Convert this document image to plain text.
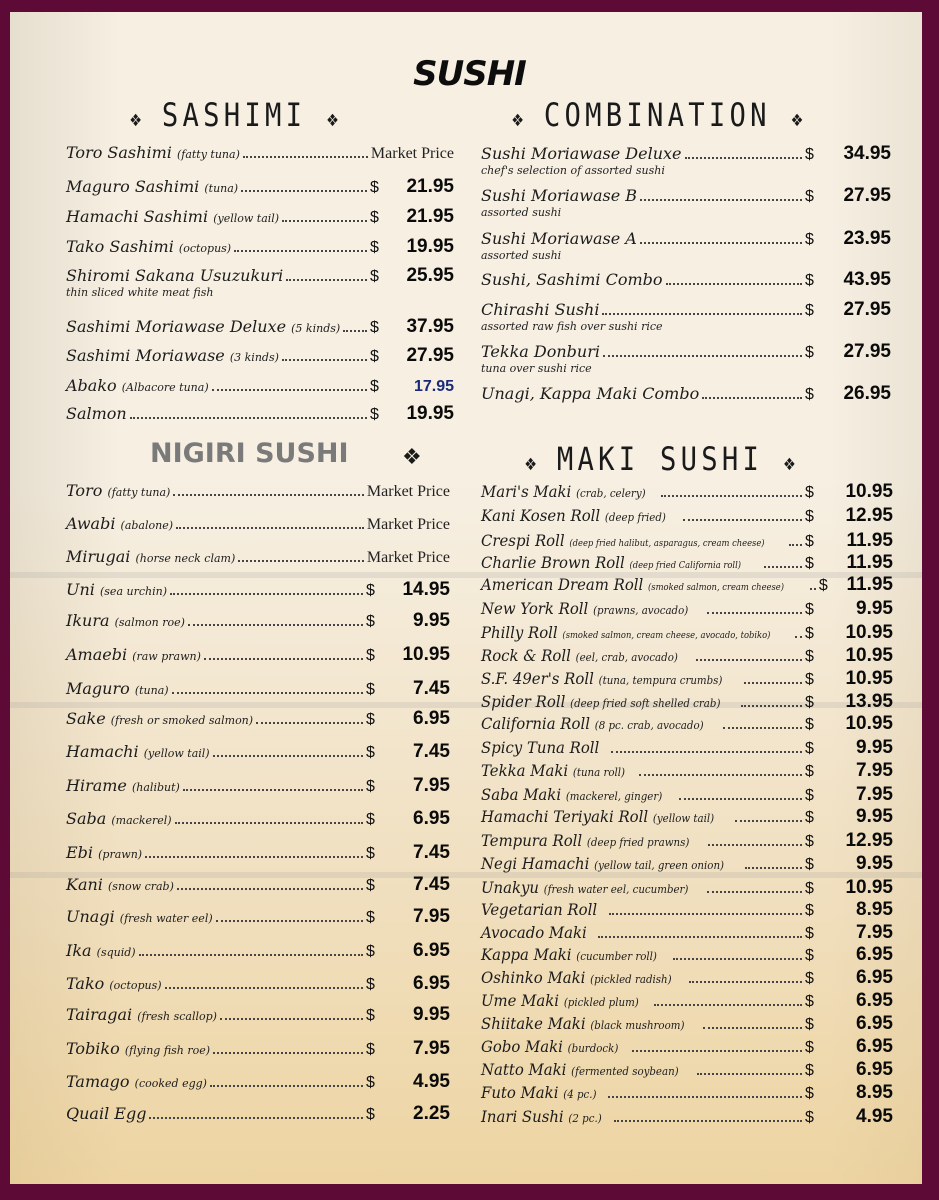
SUSHI
❖ SASHIMI ❖	❖ COMBINATION ❖
NIGIRI SUSHI ❖	❖ MAKI SUSHI ❖
Toro Sashimi (fatty tuna)	Market Price
Maguro Sashimi (tuna)	$	21.95
Hamachi Sashimi (yellow tail)	$	21.95
Tako Sashimi (octopus)	$	19.95
Shiromi Sakana Usuzukuri	$	25.95
thin sliced white meat fish
Sashimi Moriawase Deluxe (5 kinds) $	37.95
Sashimi Moriawase (3 kinds)	$	27.95
Abako (Albacore tuna)	$	17.95
Salmon	$	19.95
Toro (fatty tuna)	Market Price
Awabi (abalone)	Market Price
Mirugai (horse neck clam)	Market Price
Uni (sea urchin)	$	14.95
Ikura (salmon roe)	$	9.95
Amaebi (raw prawn)	$	10.95
Maguro (tuna)	$	7.45
Sake (fresh or smoked salmon)	$	6.95
Hamachi (yellow tail)	$	7.45
Hirame (halibut)	$	7.95
Saba (mackerel)	$	6.95
Ebi (prawn)	$	7.45
Kani (snow crab)	$	7.45
Unagi (fresh water eel)	$	7.95
Ika (squid)	$	6.95
Tako (octopus)	$	6.95
Tairagai (fresh scallop)	$	9.95
Tobiko (flying fish roe)	$	7.95
Tamago (cooked egg)	$	4.95
Quail Egg	$	2.25
Sushi Moriawase Deluxe	$	34.95
chef's selection of assorted sushi
Sushi Moriawase B	$	27.95
assorted sushi
Sushi Moriawase A	$	23.95
assorted sushi
Sushi, Sashimi Combo	$	43.95
Chirashi Sushi	$	27.95
assorted raw fish over sushi rice
Tekka Donburi	$	27.95
tuna over sushi rice
Unagi, Kappa Maki Combo	$	26.95
Mari's Maki (crab, celery)	$	10.95
Kani Kosen Roll (deep fried)	$	12.95
Crespi Roll (deep fried halibut, asparagus, cream cheese)	$	11.95
Charlie Brown Roll (deep fried California roll)	$	11.95
American Dream Roll (smoked salmon, cream cheese) $ 11.95
New York Roll (prawns, avocado)	$	9.95
Philly Roll (smoked salmon, cream cheese, avocado, tobiko) $	10.95
Rock & Roll (eel, crab, avocado)	$	10.95
S.F. 49er's Roll (tuna, tempura crumbs)	$	10.95
Spider Roll (deep fried soft shelled crab)	$	13.95
California Roll (8 pc. crab, avocado)	$	10.95
Spicy Tuna Roll	$	9.95
Tekka Maki (tuna roll)	$	7.95
Saba Maki (mackerel, ginger)	$	7.95
Hamachi Teriyaki Roll (yellow tail)	$	9.95
Tempura Roll (deep fried prawns)	$	12.95
Negi Hamachi (yellow tail, green onion)	$	9.95
Unakyu (fresh water eel, cucumber)	$	10.95
Vegetarian Roll	$	8.95
Avocado Maki	$	7.95
Kappa Maki (cucumber roll)	$	6.95
Oshinko Maki (pickled radish)	$	6.95
Ume Maki (pickled plum)	$	6.95
Shiitake Maki (black mushroom)	$	6.95
Gobo Maki (burdock)	$	6.95
Natto Maki (fermented soybean)	$	6.95
Futo Maki (4 pc.)	$	8.95
Inari Sushi (2 pc.)	$	4.95
